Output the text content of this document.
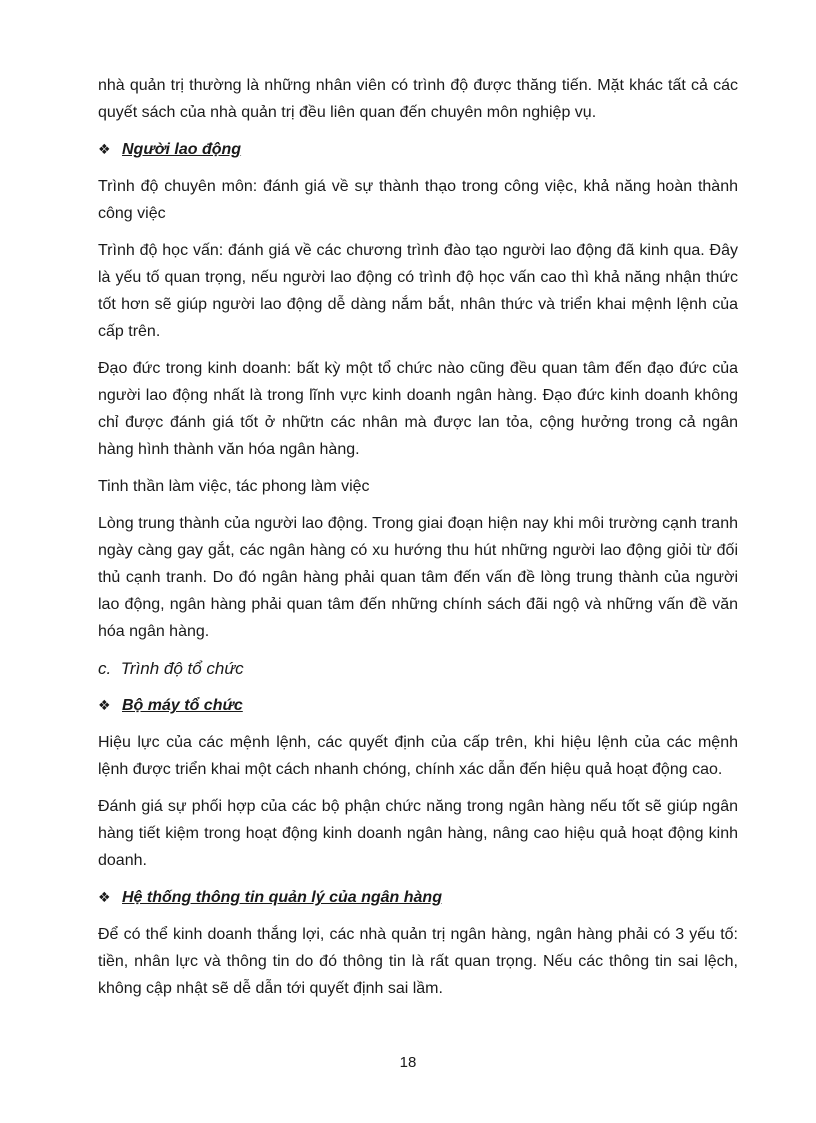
nhà quản trị thường là những nhân viên có trình độ được thăng tiến. Mặt khác tất cả các quyết sách của nhà quản trị đều liên quan đến chuyên môn nghiệp vụ.

❖ Người lao động

Trình độ chuyên môn: đánh giá về sự thành thạo trong công việc, khả năng hoàn thành công việc

Trình độ học vấn: đánh giá về các chương trình đào tạo người lao động đã kinh qua. Đây là yếu tố quan trọng, nếu người lao động có trình độ học vấn cao thì khả năng nhận thức tốt hơn sẽ giúp người lao động dễ dàng nắm bắt, nhân thức và triển khai mệnh lệnh của cấp trên.

Đạo đức trong kinh doanh: bất kỳ một tổ chức nào cũng đều quan tâm đến đạo đức của người lao động nhất là trong lĩnh vực kinh doanh ngân hàng. Đạo đức kinh doanh không chỉ được đánh giá tốt ở nhữtn các nhân mà được lan tỏa, cộng hưởng trong cả ngân hàng hình thành văn hóa ngân hàng.

Tinh thần làm việc, tác phong làm việc

Lòng trung thành của người lao động. Trong giai đoạn hiện nay khi môi trường cạnh tranh ngày càng gay gắt, các ngân hàng có xu hướng thu hút những người lao động giỏi từ đối thủ cạnh tranh. Do đó ngân hàng phải quan tâm đến vấn đề lòng trung thành của người lao động, ngân hàng phải quan tâm đến những chính sách đãi ngộ và những vấn đề văn hóa ngân hàng.

c. Trình độ tổ chức
❖ Bộ máy tổ chức

Hiệu lực của các mệnh lệnh, các quyết định của cấp trên, khi hiệu lệnh của các mệnh lệnh được triển khai một cách nhanh chóng, chính xác dẫn đến hiệu quả hoạt động cao.

Đánh giá sự phối hợp của các bộ phận chức năng trong ngân hàng nếu tốt sẽ giúp ngân hàng tiết kiệm trong hoạt động kinh doanh ngân hàng, nâng cao hiệu quả hoạt động kinh doanh.

❖ Hệ thống thông tin quản lý của ngân hàng

Để có thể kinh doanh thắng lợi, các nhà quản trị ngân hàng, ngân hàng phải có 3 yếu tố: tiền, nhân lực và thông tin do đó thông tin là rất quan trọng. Nếu các thông tin sai lệch, không cập nhật sẽ dễ dẫn tới quyết định sai lầm.

18
